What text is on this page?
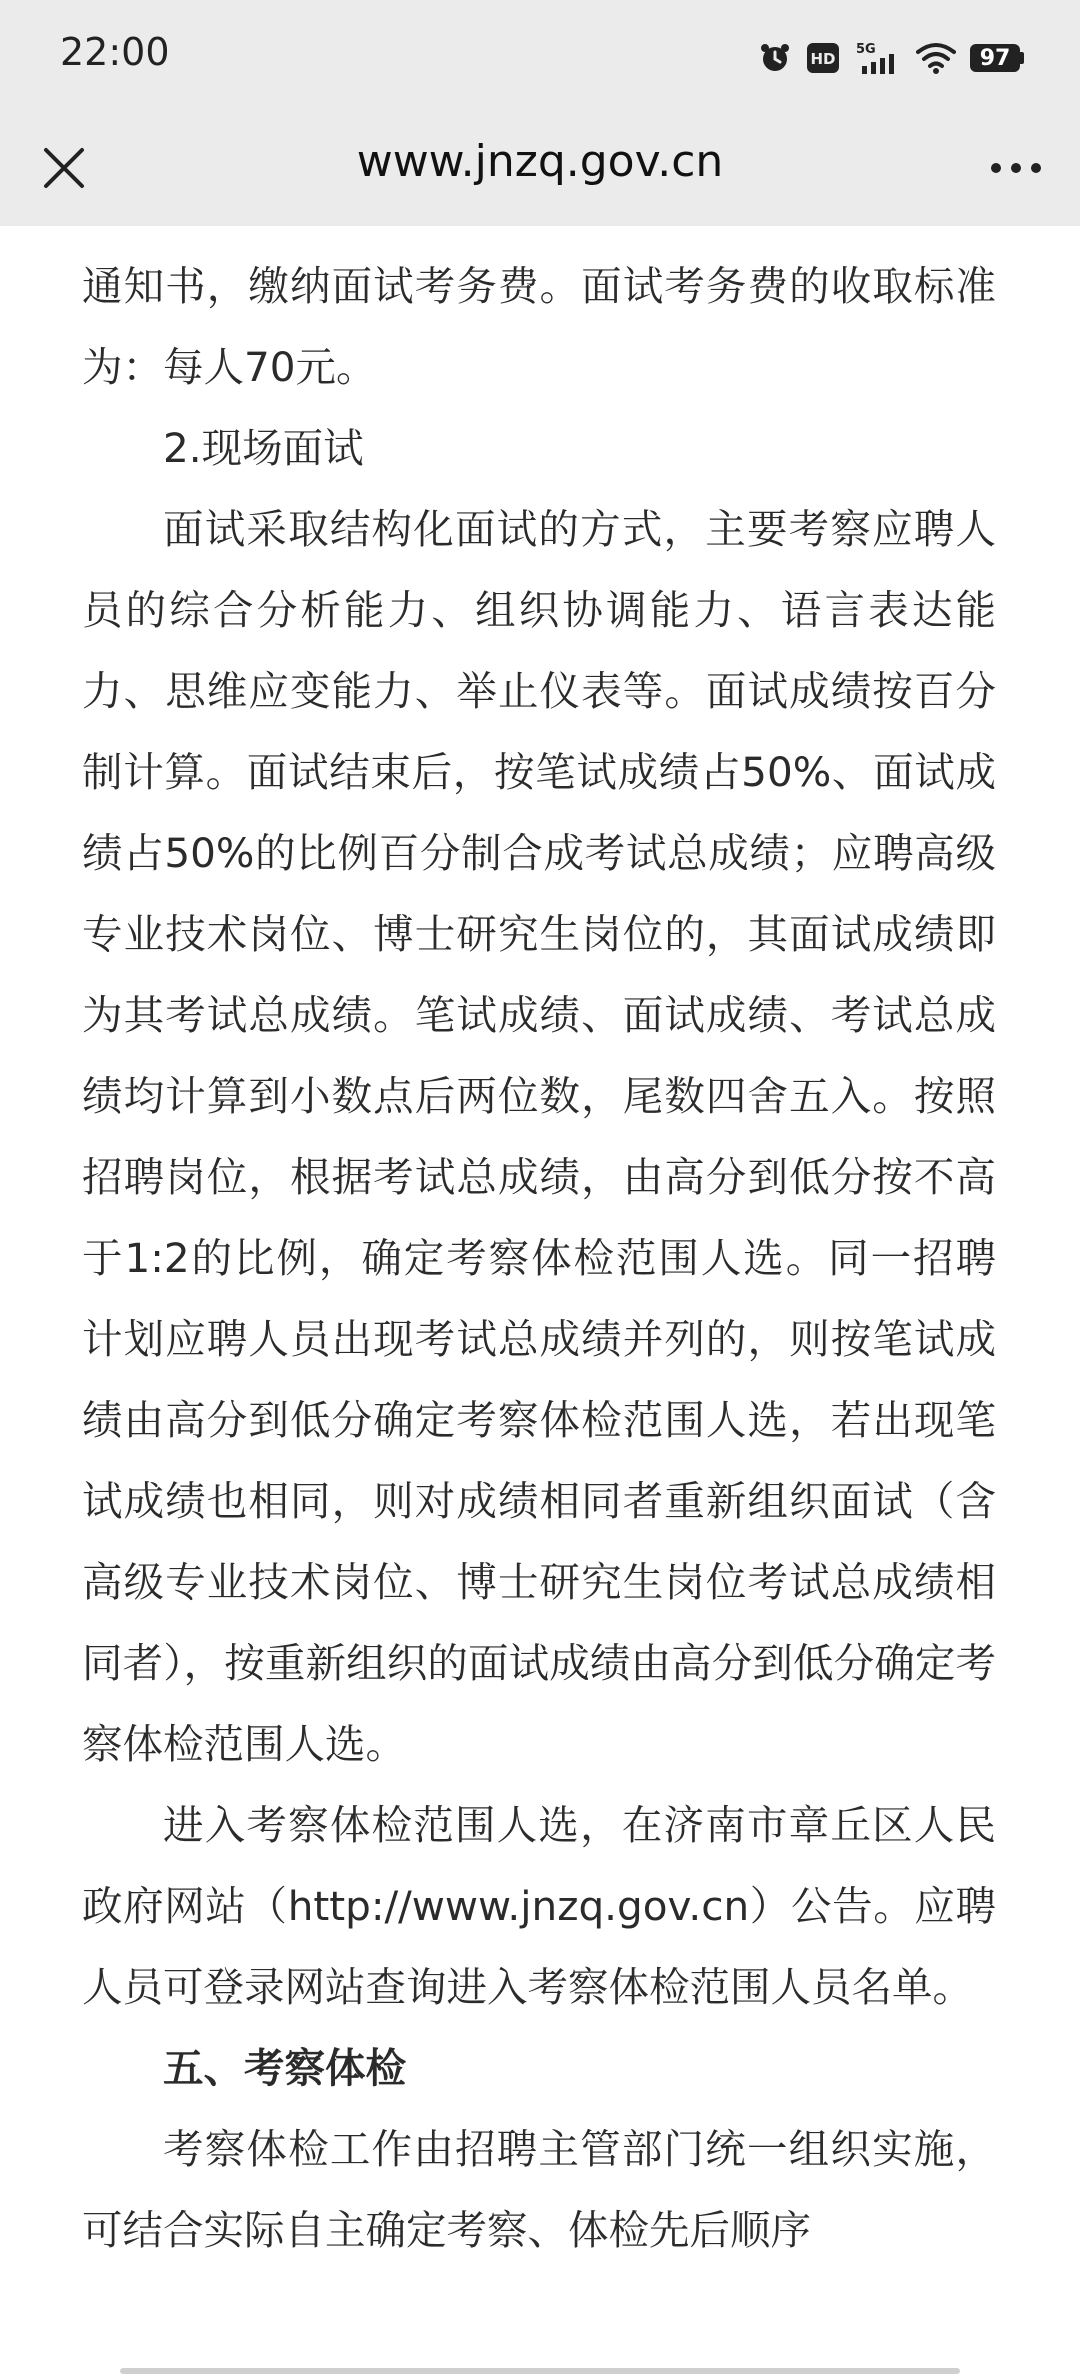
22:00	HD
5G	97
www.jnzq.gov.cn

通知书，缴纳面试考务费。面试考务费的收取标准为：每人70元。

2.现场面试

面试采取结构化面试的方式，主要考察应聘人员的综合分析能力、组织协调能力、语言表达能力、思维应变能力、举止仪表等。面试成绩按百分制计算。面试结束后，按笔试成绩占50%、面试成绩占50%的比例百分制合成考试总成绩；应聘高级专业技术岗位、博士研究生岗位的，其面试成绩即为其考试总成绩。笔试成绩、面试成绩、考试总成绩均计算到小数点后两位数，尾数四舍五入。按照招聘岗位，根据考试总成绩，由高分到低分按不高于1:2的比例，确定考察体检范围人选。同一招聘计划应聘人员出现考试总成绩并列的，则按笔试成绩由高分到低分确定考察体检范围人选，若出现笔试成绩也相同，则对成绩相同者重新组织面试（含高级专业技术岗位、博士研究生岗位考试总成绩相同者），按重新组织的面试成绩由高分到低分确定考察体检范围人选。

进入考察体检范围人选，在济南市章丘区人民政府网站（http://www.jnzq.gov.cn）公告。应聘人员可登录网站查询进入考察体检范围人员名单。

五、考察体检

考察体检工作由招聘主管部门统一组织实施，可结合实际自主确定考察、体检先后顺序
